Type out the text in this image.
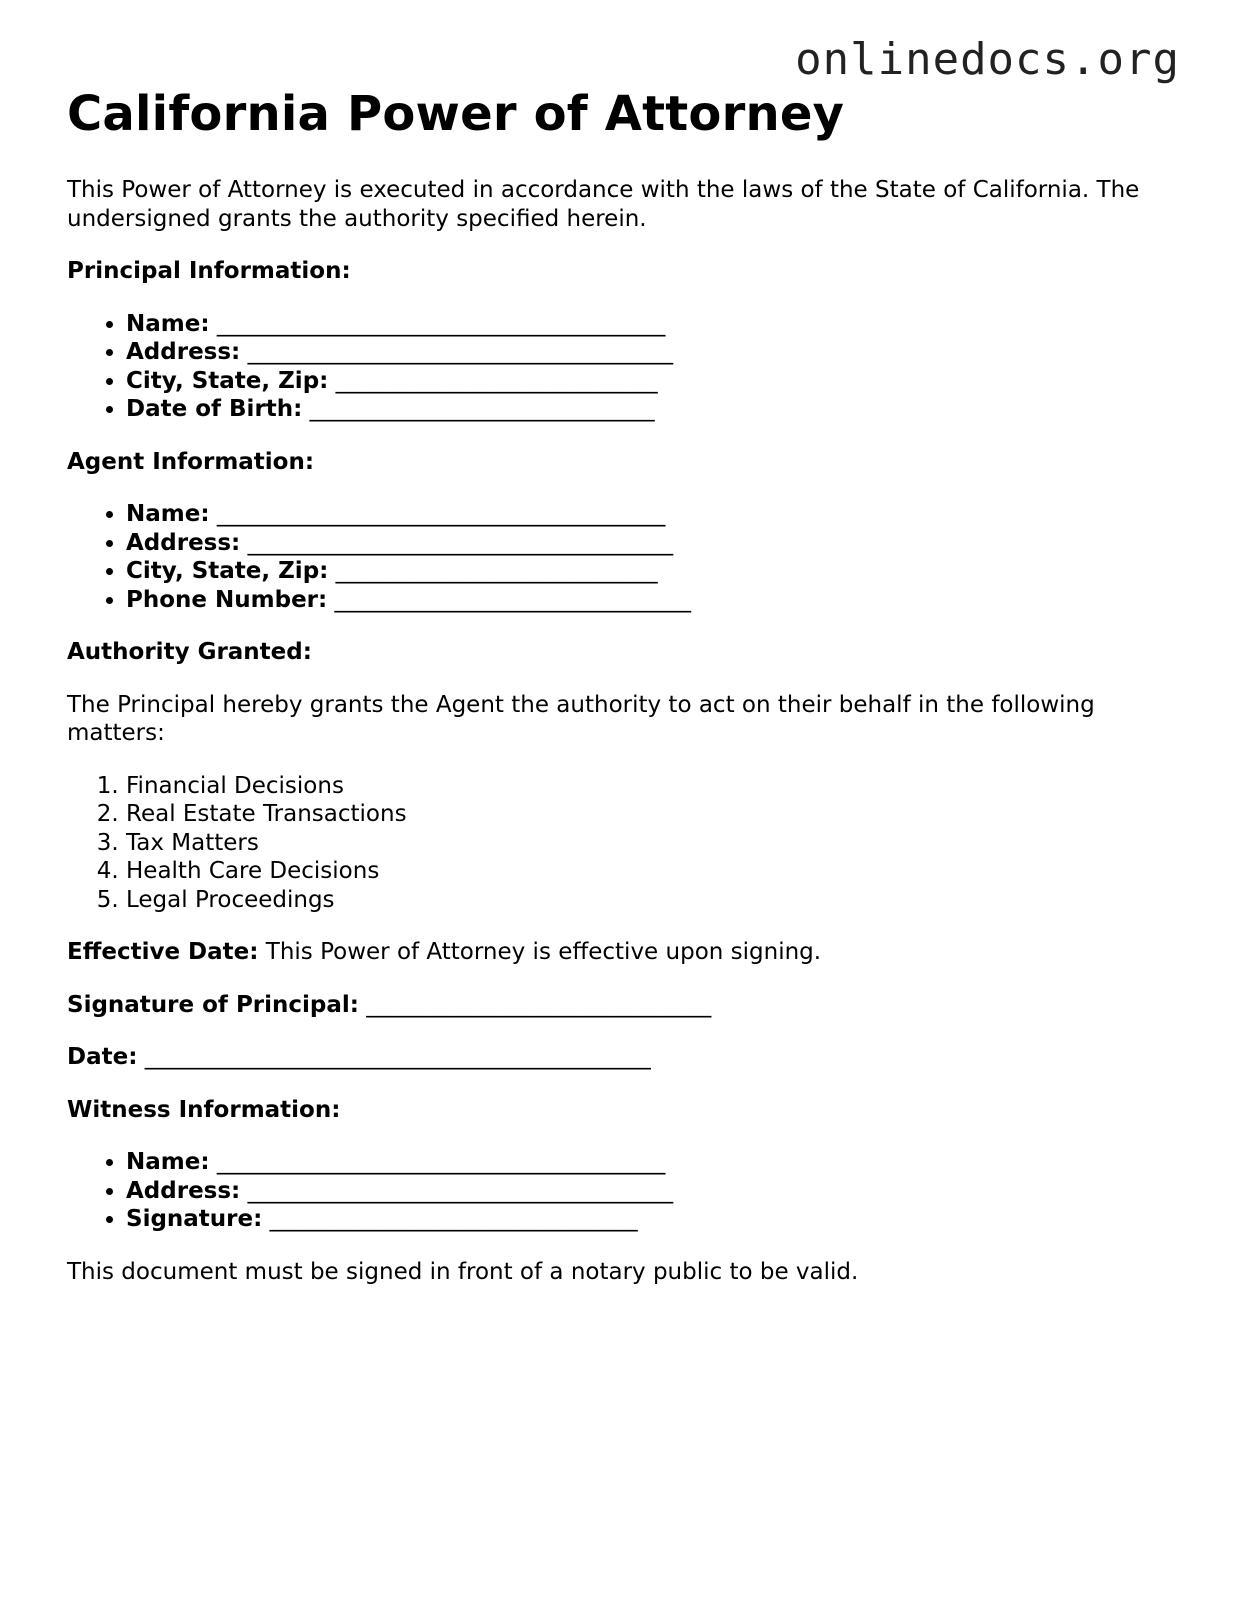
onlinedocs.org
California Power of Attorney

This Power of Attorney is executed in accordance with the laws of the State of California. The undersigned grants the authority specified herein.

Principal Information:

• Name: _______________________________________
• Address: _____________________________________
• City, State, Zip: ____________________________
• Date of Birth: ______________________________

Agent Information:

• Name: _______________________________________
• Address: _____________________________________
• City, State, Zip: ____________________________
• Phone Number: _______________________________

Authority Granted:

The Principal hereby grants the Agent the authority to act on their behalf in the following matters:

1. Financial Decisions
2. Real Estate Transactions
3. Tax Matters
4. Health Care Decisions
5. Legal Proceedings

Effective Date: This Power of Attorney is effective upon signing.

Signature of Principal: ______________________________

Date: ____________________________________________

Witness Information:

• Name: _______________________________________
• Address: _____________________________________
• Signature: ________________________________

This document must be signed in front of a notary public to be valid.
